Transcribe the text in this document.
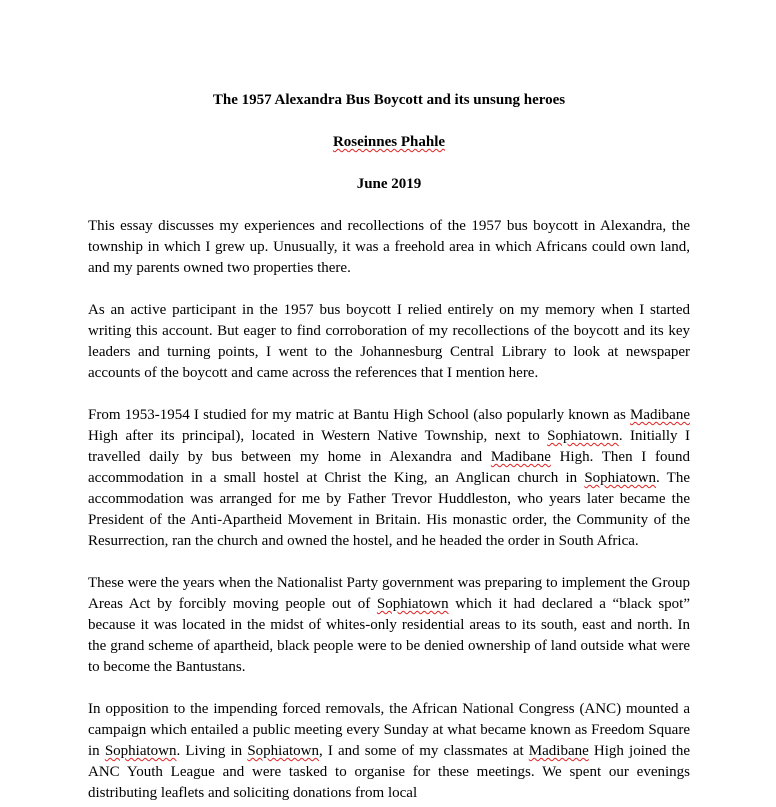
The 1957 Alexandra Bus Boycott and its unsung heroes

Roseinnes Phahle

June 2019

This essay discusses my experiences and recollections of the 1957 bus boycott in Alexandra, the township in which I grew up. Unusually, it was a freehold area in which Africans could own land, and my parents owned two properties there.

As an active participant in the 1957 bus boycott I relied entirely on my memory when I started writing this account. But eager to find corroboration of my recollections of the boycott and its key leaders and turning points, I went to the Johannesburg Central Library to look at newspaper accounts of the boycott and came across the references that I mention here.

From 1953-1954 I studied for my matric at Bantu High School (also popularly known as Madibane High after its principal), located in Western Native Township, next to Sophiatown. Initially I travelled daily by bus between my home in Alexandra and Madibane High. Then I found accommodation in a small hostel at Christ the King, an Anglican church in Sophiatown. The accommodation was arranged for me by Father Trevor Huddleston, who years later became the President of the Anti-Apartheid Movement in Britain. His monastic order, the Community of the Resurrection, ran the church and owned the hostel, and he headed the order in South Africa.

These were the years when the Nationalist Party government was preparing to implement the Group Areas Act by forcibly moving people out of Sophiatown which it had declared a “black spot” because it was located in the midst of whites-only residential areas to its south, east and north. In the grand scheme of apartheid, black people were to be denied ownership of land outside what were to become the Bantustans.

In opposition to the impending forced removals, the African National Congress (ANC) mounted a campaign which entailed a public meeting every Sunday at what became known as Freedom Square in Sophiatown. Living in Sophiatown, I and some of my classmates at Madibane High joined the ANC Youth League and were tasked to organise for these meetings. We spent our evenings distributing leaflets and soliciting donations from local
